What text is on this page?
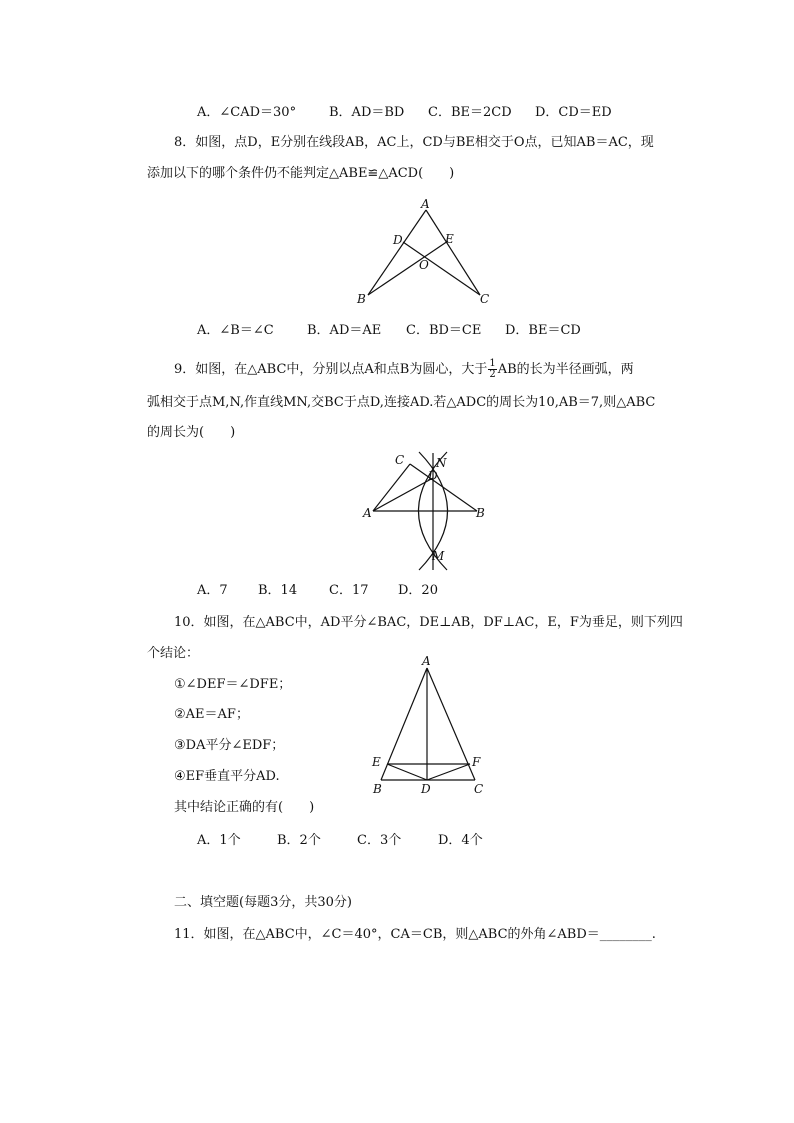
A．∠CAD＝30°	B．AD＝BD C．BE＝2CD D．CD＝ED
8．如图，点D，E分别在线段AB，AC上，CD与BE相交于O点，已知AB＝AC，现
添加以下的哪个条件仍不能判定△ABE≌△ACD(　　)
A
B	C
D	E
O
A．∠B＝∠C	B．AD＝AE C．BD＝CE D．BE＝CD
9．如图，在△ABC中，分别以点A和点B为圆心，大于 $\frac{1}{2}$ AB的长为半径画弧，两
弧相交于点M,N,作直线MN,交BC于点D,连接AD.若△ADC的周长为10,AB＝7,则△ABC
的周长为(　　)
C	N
D
A	B
M
A．7 B．14 C．17 D．20
10．如图，在△ABC中，AD平分∠BAC，DE⊥AB，DF⊥AC，E，F为垂足，则下列四
个结论：
①∠DEF＝∠DFE；
②AE＝AF；
③DA平分∠EDF；
④EF垂直平分AD.
其中结论正确的有(　　)
A
E	F
B	D	C
A．1个	B．2个	C．3个	D．4个
二、填空题(每题3分，共30分)
11．如图，在△ABC中，∠C＝40°，CA＝CB，则△ABC的外角∠ABD＝________.
